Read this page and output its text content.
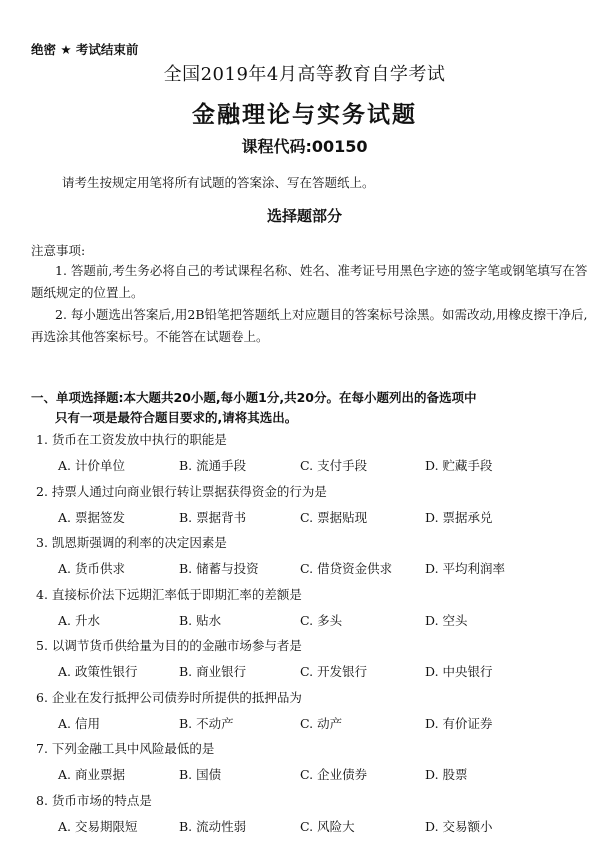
绝密 ★ 考试结束前
全国2019年4月高等教育自学考试
金融理论与实务试题
课程代码:00150
请考生按规定用笔将所有试题的答案涂、写在答题纸上。
选择题部分
注意事项:

1. 答题前,考生务必将自己的考试课程名称、姓名、准考证号用黑色字迹的签字笔或钢笔填写在答题纸规定的位置上。

2. 每小题选出答案后,用2B铅笔把答题纸上对应题目的答案标号涂黑。如需改动,用橡皮擦干净后,再选涂其他答案标号。不能答在试题卷上。

一、单项选择题:本大题共20小题,每小题1分,共20分。在每小题列出的备选项中
只有一项是最符合题目要求的,请将其选出。
1. 货币在工资发放中执行的职能是
A. 计价单位	B. 流通手段	C. 支付手段	D. 贮藏手段
2. 持票人通过向商业银行转让票据获得资金的行为是
A. 票据签发	B. 票据背书	C. 票据贴现	D. 票据承兑
3. 凯恩斯强调的利率的决定因素是
A. 货币供求	B. 储蓄与投资	C. 借贷资金供求	D. 平均利润率
4. 直接标价法下远期汇率低于即期汇率的差额是
A. 升水	B. 贴水	C. 多头	D. 空头
5. 以调节货币供给量为目的的金融市场参与者是
A. 政策性银行	B. 商业银行	C. 开发银行	D. 中央银行
6. 企业在发行抵押公司债券时所提供的抵押品为
A. 信用	B. 不动产	C. 动产	D. 有价证券
7. 下列金融工具中风险最低的是
A. 商业票据	B. 国债	C. 企业债券	D. 股票
8. 货币市场的特点是
A. 交易期限短	B. 流动性弱	C. 风险大	D. 交易额小
